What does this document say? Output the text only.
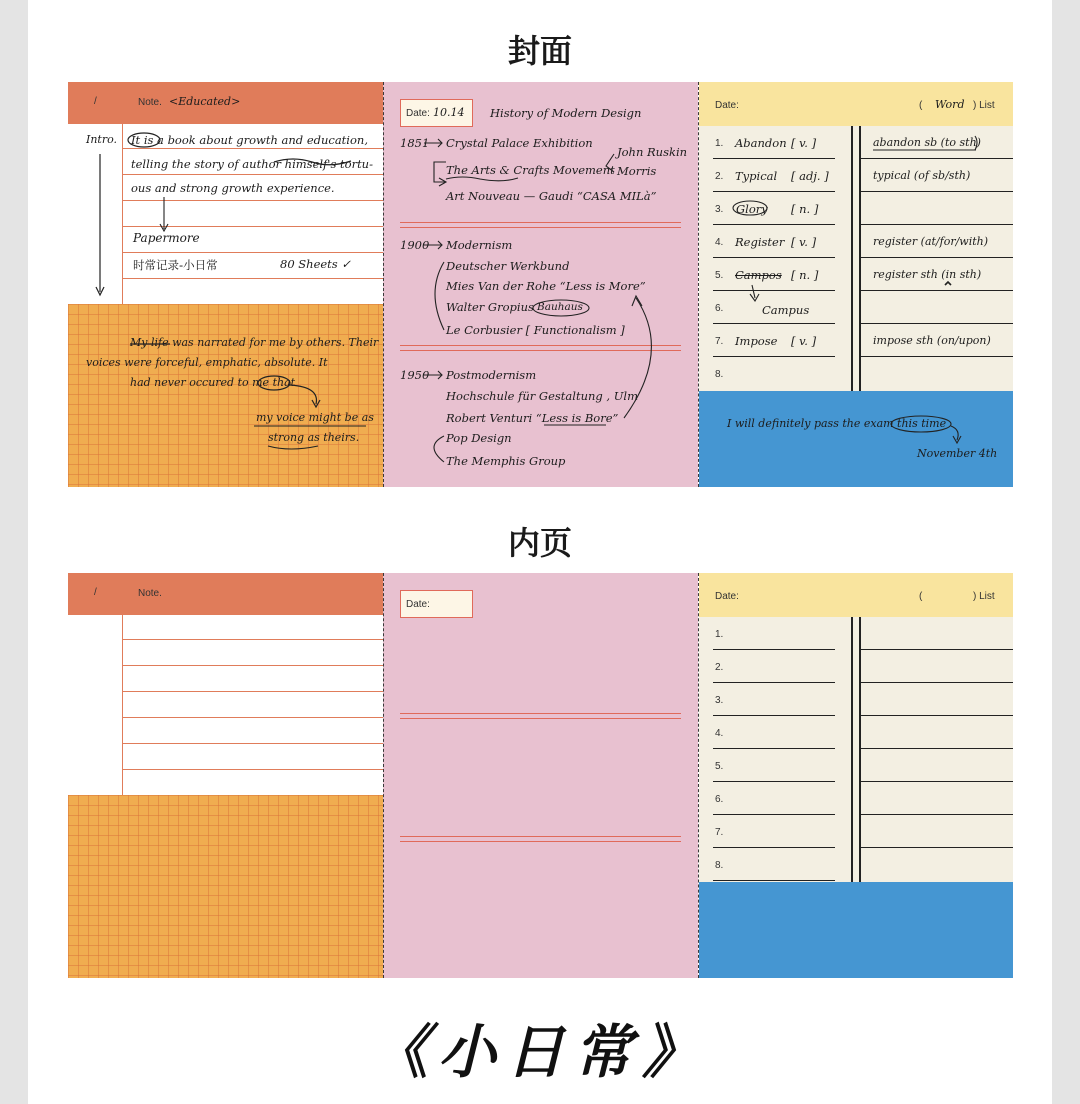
封面
/	Note. <Educated>
Intro. It is a book about growth and education,
telling the story of author himself's tortu-
ous and strong growth experience.
Papermore
时常记录-小日常	80 Sheets ✓
My life was narrated for me by others. Their
voices were forceful, emphatic, absolute. It
had never occured to me that
my voice might be as
strong as theirs.
Date: 10.14 History of Modern Design
1851 Crystal Palace Exhibition
The Arts & Crafts Movement
Art Nouveau — Gaudi “CASA MILà”
John Ruskin
Morris
1900 Modernism
Deutscher Werkbund
Mies Van der Rohe “Less is More”
Walter Gropius Bauhaus
Le Corbusier [ Functionalism ]
1950 Postmodernism
Hochschule für Gestaltung , Ulm
Robert Venturi “Less is Bore”
Pop Design
The Memphis Group
Date:	( Word ) List
1. Abandon [ v. ]	abandon sb (to sth)
2. Typical [ adj. ]	typical (of sb/sth)
3. Glory [ n. ]
4. Register [ v. ]	register (at/for/with)
5. Campos [ n. ]	register sth (in sth)
6.	Campus
7. Impose [ v. ]	impose sth (on/upon)
8.
I will definitely pass the exam this time
November 4th
内页
/	Note.
Date:
Date:	(	) List
1.
2.
3.
4.
5.
6.
7.
8.
《小日常》
